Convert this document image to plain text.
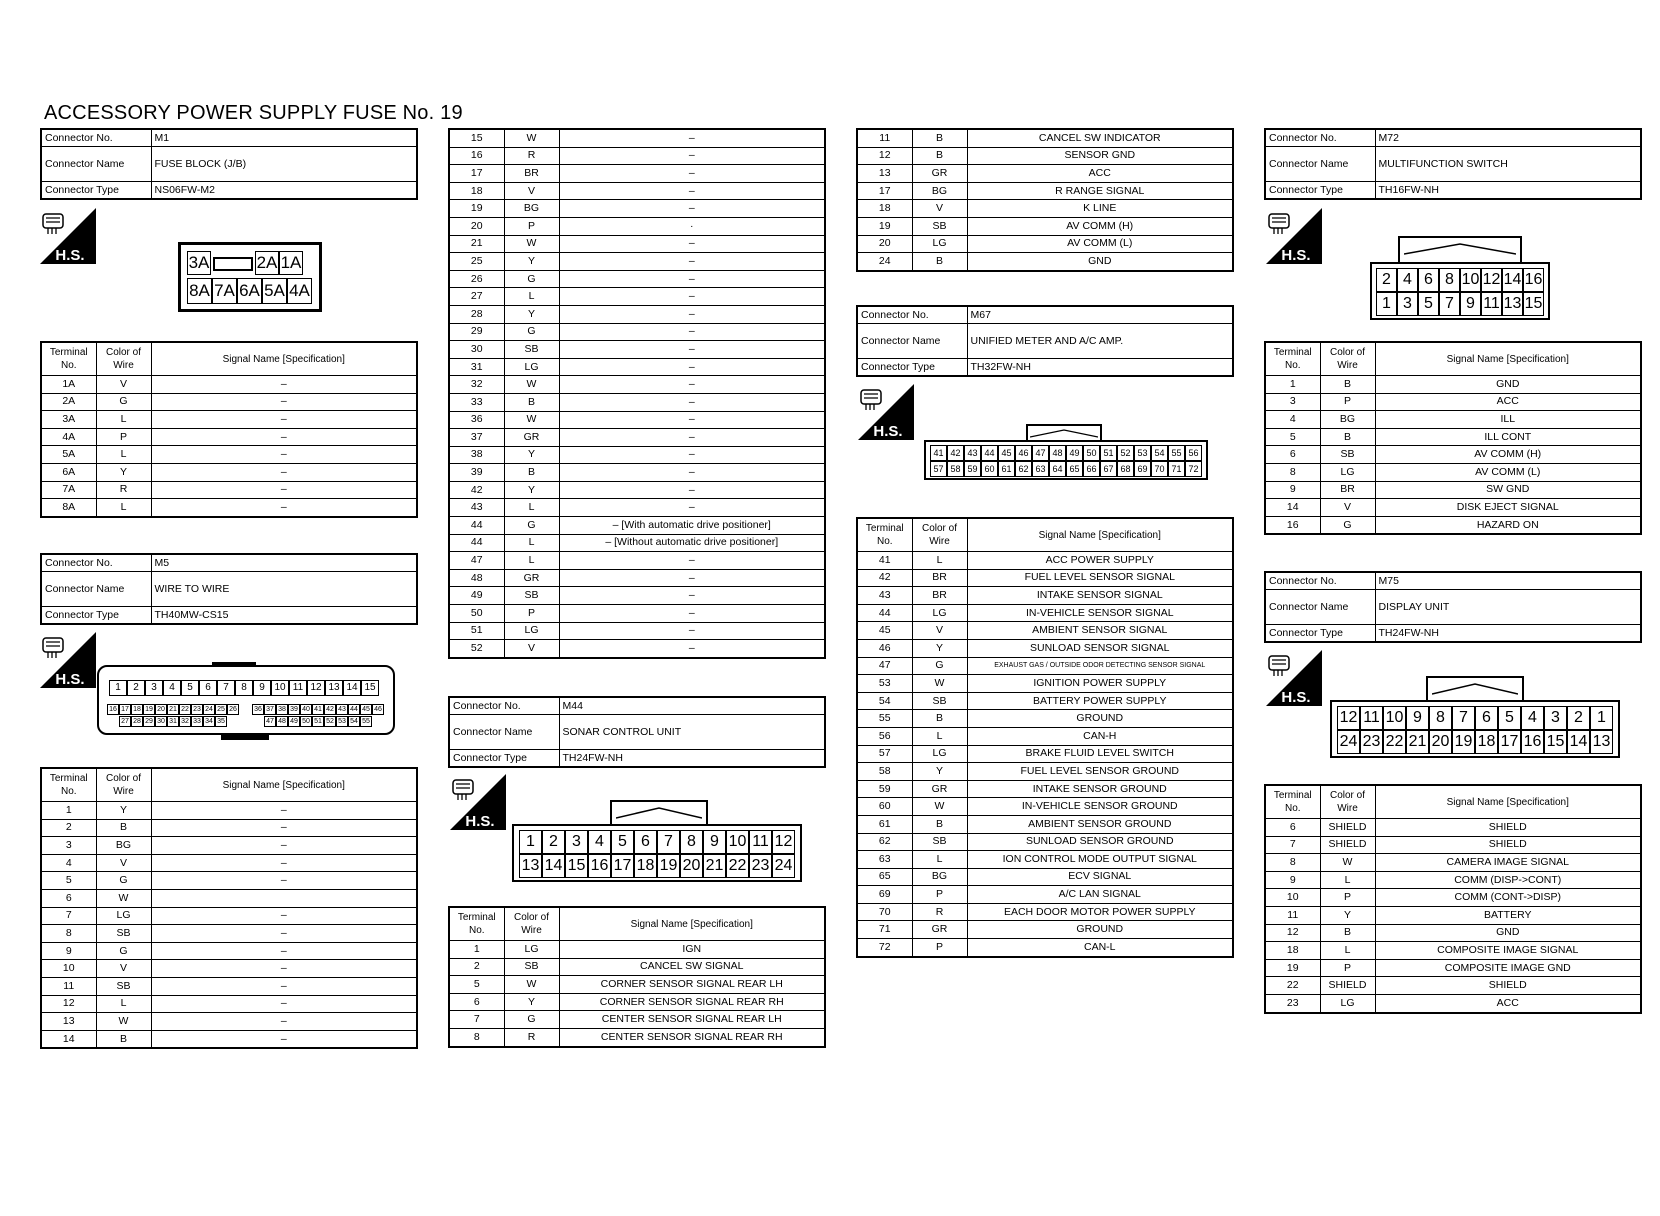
ACCESSORY POWER SUPPLY FUSE No. 19
Connector No.	M1
Connector Name	FUSE BLOCK (J/B)
Connector Type	NS06FW-M2
H.S.	3A	2A 1A
8A 7A 6A 5A 4A
Terminal No.	Color of Wire	Signal Name [Specification]
1A	V	–
2A	G	–
3A	L	–
4A	P	–
5A	L	–
6A	Y	–
7A	R	–
8A	L	–
Connector No.	M5
Connector Name	WIRE TO WIRE
Connector Type	TH40MW-CS15
H.S.	1	2	3	4	5	6	7	8	9 10 11 12 13 14 15
16 17 18 19 20 21 22 23 24 25 26	36 37 38 39 40 41 42 43 44 45 46
27 28 29 30 31 32 33 34 35	47 48 49 50 51 52 53 54 55
Terminal No.	Color of Wire	Signal Name [Specification]
1	Y	–
2	B	–
3	BG	–
4	V	–
5	G	–
6	W	
7	LG	–
8	SB	–
9	G	–
10	V	–
11	SB	–
12	L	–
13	W	–
14	B	–
15	W	–
16	R	–
17	BR	–
18	V	–
19	BG	–
20	P	·
21	W	–
25	Y	–
26	G	–
27	L	–
28	Y	–
29	G	–
30	SB	–
31	LG	–
32	W	–
33	B	–
36	W	–
37	GR	–
38	Y	–
39	B	–
42	Y	–
43	L	–
44	G	– [With automatic drive positioner]
44	L	– [Without automatic drive positioner]
47	L	–
48	GR	–
49	SB	–
50	P	–
51	LG	–
52	V	–
Connector No.	M44
Connector Name	SONAR CONTROL UNIT
Connector Type	TH24FW-NH
H.S.
1 2 3 4 5 6 7 8 9 10 11 12
13 14 15 16 17 18 19 20 21 22 23 24
Terminal No.	Color of Wire	Signal Name [Specification]
1	LG	IGN
2	SB	CANCEL SW SIGNAL
5	W	CORNER SENSOR SIGNAL REAR LH
6	Y	CORNER SENSOR SIGNAL REAR RH
7	G	CENTER SENSOR SIGNAL REAR LH
8	R	CENTER SENSOR SIGNAL REAR RH
11	B	CANCEL SW INDICATOR
12	B	SENSOR GND
13	GR	ACC
17	BG	R RANGE SIGNAL
18	V	K LINE
19	SB	AV COMM (H)
20	LG	AV COMM (L)
24	B	GND
Connector No.	M67
Connector Name	UNIFIED METER AND A/C AMP.
Connector Type	TH32FW-NH
H.S.
41 42 43 44 45 46 47 48 49 50 51 52 53 54 55 56
57 58 59 60 61 62 63 64 65 66 67 68 69 70 71 72
Terminal No.	Color of Wire	Signal Name [Specification]
41	L	ACC POWER SUPPLY
42	BR	FUEL LEVEL SENSOR SIGNAL
43	BR	INTAKE SENSOR SIGNAL
44	LG	IN-VEHICLE SENSOR SIGNAL
45	V	AMBIENT SENSOR SIGNAL
46	Y	SUNLOAD SENSOR SIGNAL
47	G	EXHAUST GAS / OUTSIDE ODOR DETECTING SENSOR SIGNAL
53	W	IGNITION POWER SUPPLY
54	SB	BATTERY POWER SUPPLY
55	B	GROUND
56	L	CAN-H
57	LG	BRAKE FLUID LEVEL SWITCH
58	Y	FUEL LEVEL SENSOR GROUND
59	GR	INTAKE SENSOR GROUND
60	W	IN-VEHICLE SENSOR GROUND
61	B	AMBIENT SENSOR GROUND
62	SB	SUNLOAD SENSOR GROUND
63	L	ION CONTROL MODE OUTPUT SIGNAL
65	BG	ECV SIGNAL
69	P	A/C LAN SIGNAL
70	R	EACH DOOR MOTOR POWER SUPPLY
71	GR	GROUND
72	P	CAN-L
Connector No.	M72
Connector Name	MULTIFUNCTION SWITCH
Connector Type	TH16FW-NH
H.S.
2 4 6 8 10 12 14 16
1 3 5 7 9 11 13 15
Terminal No.	Color of Wire	Signal Name [Specification]
1	B	GND
3	P	ACC
4	BG	ILL
5	B	ILL CONT
6	SB	AV COMM (H)
8	LG	AV COMM (L)
9	BR	SW GND
14	V	DISK EJECT SIGNAL
16	G	HAZARD ON
Connector No.	M75
Connector Name	DISPLAY UNIT
Connector Type	TH24FW-NH
H.S.
12 11 10 9 8 7 6 5 4 3 2 1
24 23 22 21 20 19 18 17 16 15 14 13
Terminal No.	Color of Wire	Signal Name [Specification]
6	SHIELD	SHIELD
7	SHIELD	SHIELD
8	W	CAMERA IMAGE SIGNAL
9	L	COMM (DISP->CONT)
10	P	COMM (CONT->DISP)
11	Y	BATTERY
12	B	GND
18	L	COMPOSITE IMAGE SIGNAL
19	P	COMPOSITE IMAGE GND
22	SHIELD	SHIELD
23	LG	ACC
